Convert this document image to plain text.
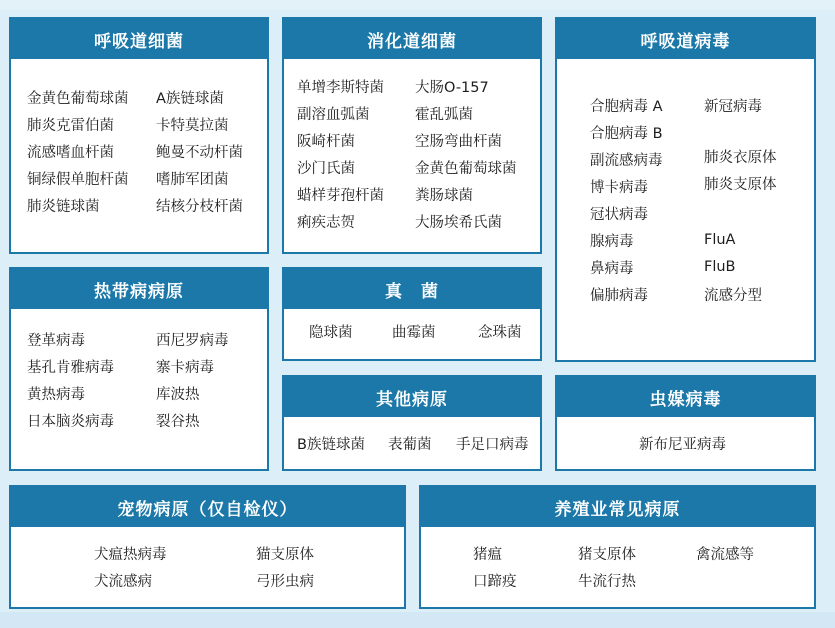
呼吸道细菌
金黄色葡萄球菌
肺炎克雷伯菌
流感嗜血杆菌
铜绿假单胞杆菌
肺炎链球菌
A族链球菌
卡特莫拉菌
鲍曼不动杆菌
嗜肺军团菌
结核分枝杆菌
消化道细菌
单增李斯特菌
副溶血弧菌
阪崎杆菌
沙门氏菌
蜡样芽孢杆菌
痢疾志贺
大肠O-157
霍乱弧菌
空肠弯曲杆菌
金黄色葡萄球菌
粪肠球菌
大肠埃希氏菌
呼吸道病毒
合胞病毒 A
合胞病毒 B
副流感病毒
博卡病毒
冠状病毒
腺病毒
鼻病毒
偏肺病毒
新冠病毒
肺炎衣原体
肺炎支原体
FluA
FluB
流感分型
热带病病原
登革病毒
基孔肯雅病毒
黄热病毒
日本脑炎病毒
西尼罗病毒
寨卡病毒
库波热
裂谷热
真　菌
隐球菌	曲霉菌	念珠菌
其他病原
B族链球菌 表葡菌 手足口病毒
虫媒病毒
新布尼亚病毒
宠物病原（仅自检仪）
犬瘟热病毒
犬流感病
猫支原体
弓形虫病
养殖业常见病原
猪瘟
口蹄疫
猪支原体
牛流行热
禽流感等
